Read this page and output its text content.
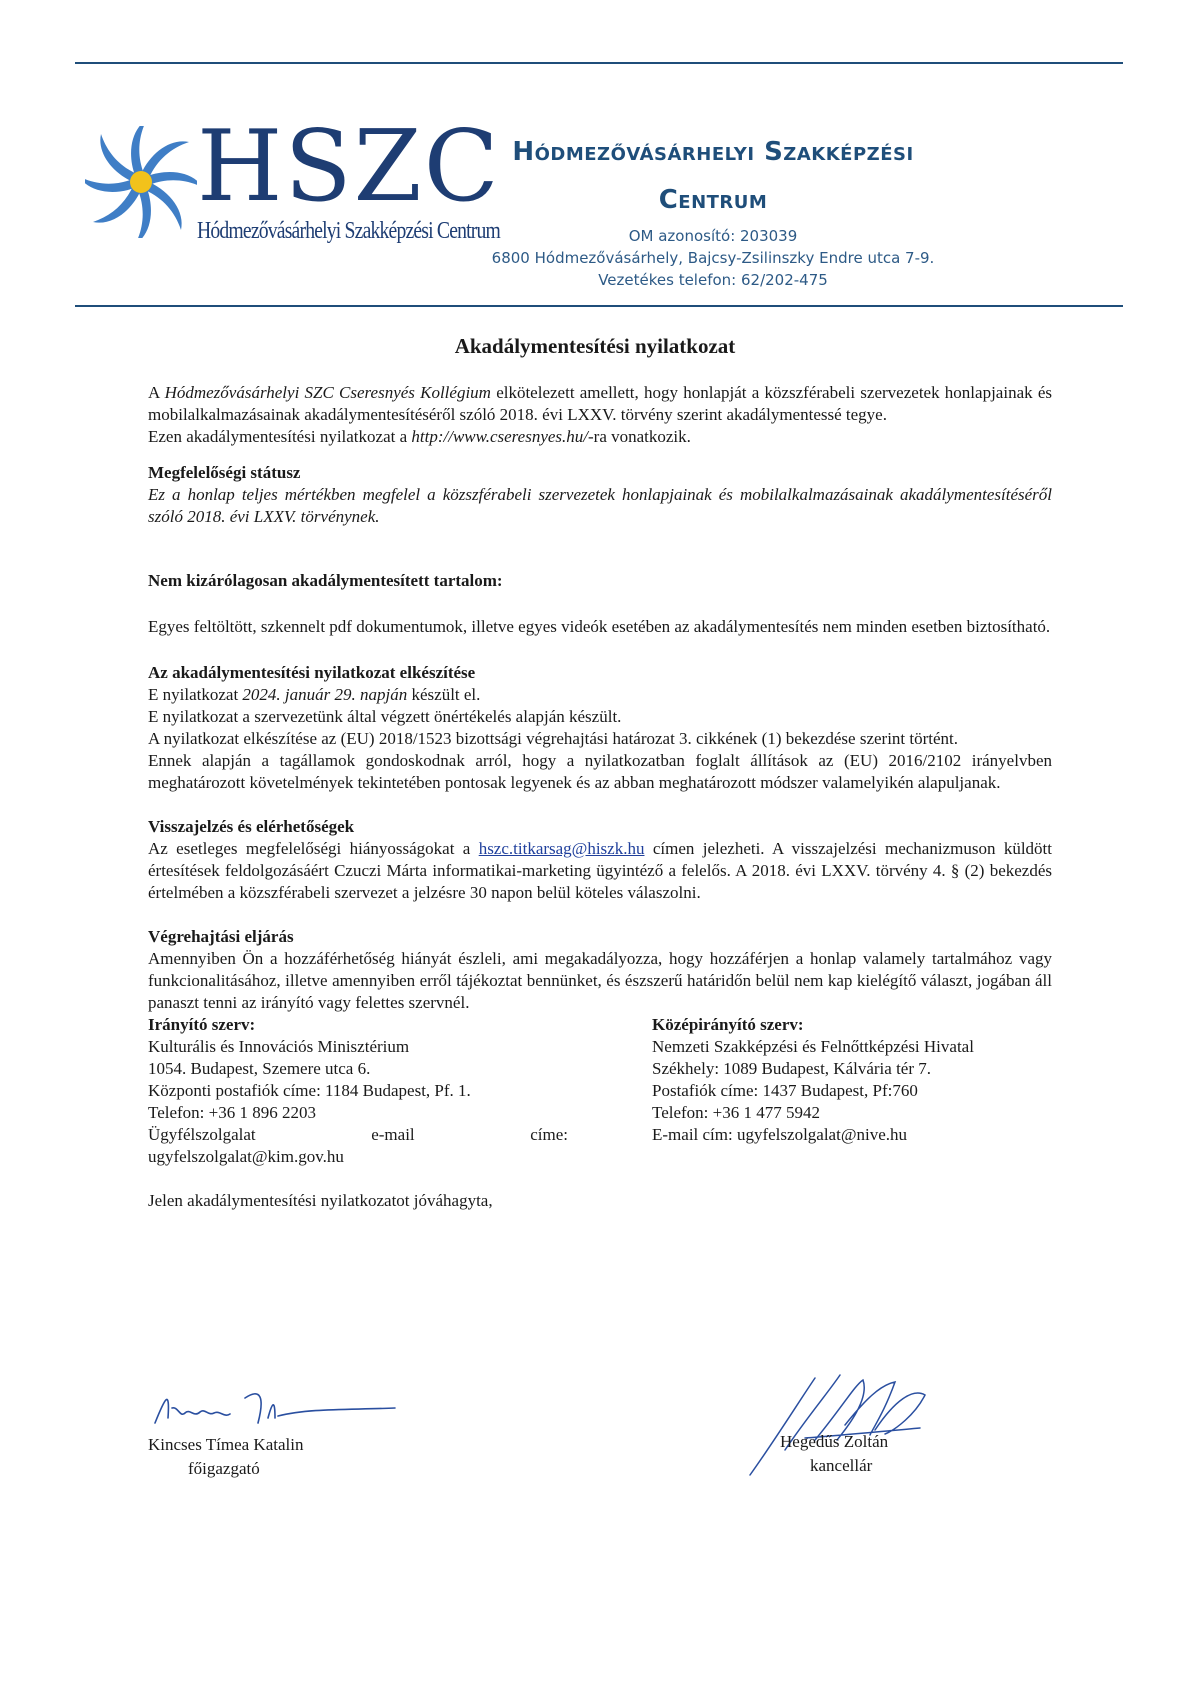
HSZC
Hódmezővásárhelyi Szakképzési Centrum
Hódmezővásárhelyi Szakképzési
Centrum
OM azonosító: 203039
6800 Hódmezővásárhely, Bajcsy-Zsilinszky Endre utca 7-9.
Vezetékes telefon: 62/202-475
Akadálymentesítési nyilatkozat

A Hódmezővásárhelyi SZC Cseresnyés Kollégium elkötelezett amellett, hogy honlapját a közszférabeli szervezetek honlapjainak és mobilalkalmazásainak akadálymentesítéséről szóló 2018. évi LXXV. törvény szerint akadálymentessé tegye.

Ezen akadálymentesítési nyilatkozat a http://www.cseresnyes.hu/-ra vonatkozik.

Megfelelőségi státusz

Ez a honlap teljes mértékben megfelel a közszférabeli szervezetek honlapjainak és mobilalkalmazásainak akadálymentesítéséről szóló 2018. évi LXXV. törvénynek.

Nem kizárólagosan akadálymentesített tartalom:

Egyes feltöltött, szkennelt pdf dokumentumok, illetve egyes videók esetében az akadálymentesítés nem minden esetben biztosítható.

Az akadálymentesítési nyilatkozat elkészítése

E nyilatkozat 2024. január 29. napján készült el.

E nyilatkozat a szervezetünk által végzett önértékelés alapján készült.

A nyilatkozat elkészítése az (EU) 2018/1523 bizottsági végrehajtási határozat 3. cikkének (1) bekezdése szerint történt.

Ennek alapján a tagállamok gondoskodnak arról, hogy a nyilatkozatban foglalt állítások az (EU) 2016/2102 irányelvben meghatározott követelmények tekintetében pontosak legyenek és az abban meghatározott módszer valamelyikén alapuljanak.

Visszajelzés és elérhetőségek

Az esetleges megfelelőségi hiányosságokat a hszc.titkarsag@hiszk.hu címen jelezheti. A visszajelzési mechanizmuson küldött értesítések feldolgozásáért Czuczi Márta informatikai-marketing ügyintéző a felelős. A 2018. évi LXXV. törvény 4. § (2) bekezdés értelmében a közszférabeli szervezet a jelzésre 30 napon belül köteles válaszolni.

Végrehajtási eljárás

Amennyiben Ön a hozzáférhetőség hiányát észleli, ami megakadályozza, hogy hozzáférjen a honlap valamely tartalmához vagy funkcionalitásához, illetve amennyiben erről tájékoztat bennünket, és észszerű határidőn belül nem kap kielégítő választ, jogában áll panaszt tenni az irányító vagy felettes szervnél.

Irányító szerv:

Kulturális és Innovációs Minisztérium

1054. Budapest, Szemere utca 6.

Központi postafiók címe: 1184 Budapest, Pf. 1.

Telefon: +36 1 896 2203

Ügyfélszolgalat	e-mail	címe:

ugyfelszolgalat@kim.gov.hu

Középirányító szerv:

Nemzeti Szakképzési és Felnőttképzési Hivatal

Székhely: 1089 Budapest, Kálvária tér 7.

Postafiók címe: 1437 Budapest, Pf:760

Telefon: +36 1 477 5942

E-mail cím: ugyfelszolgalat@nive.hu

Jelen akadálymentesítési nyilatkozatot jóváhagyta,

Kincses Tímea Katalin
főigazgató
Hegedűs Zoltán
kancellár
